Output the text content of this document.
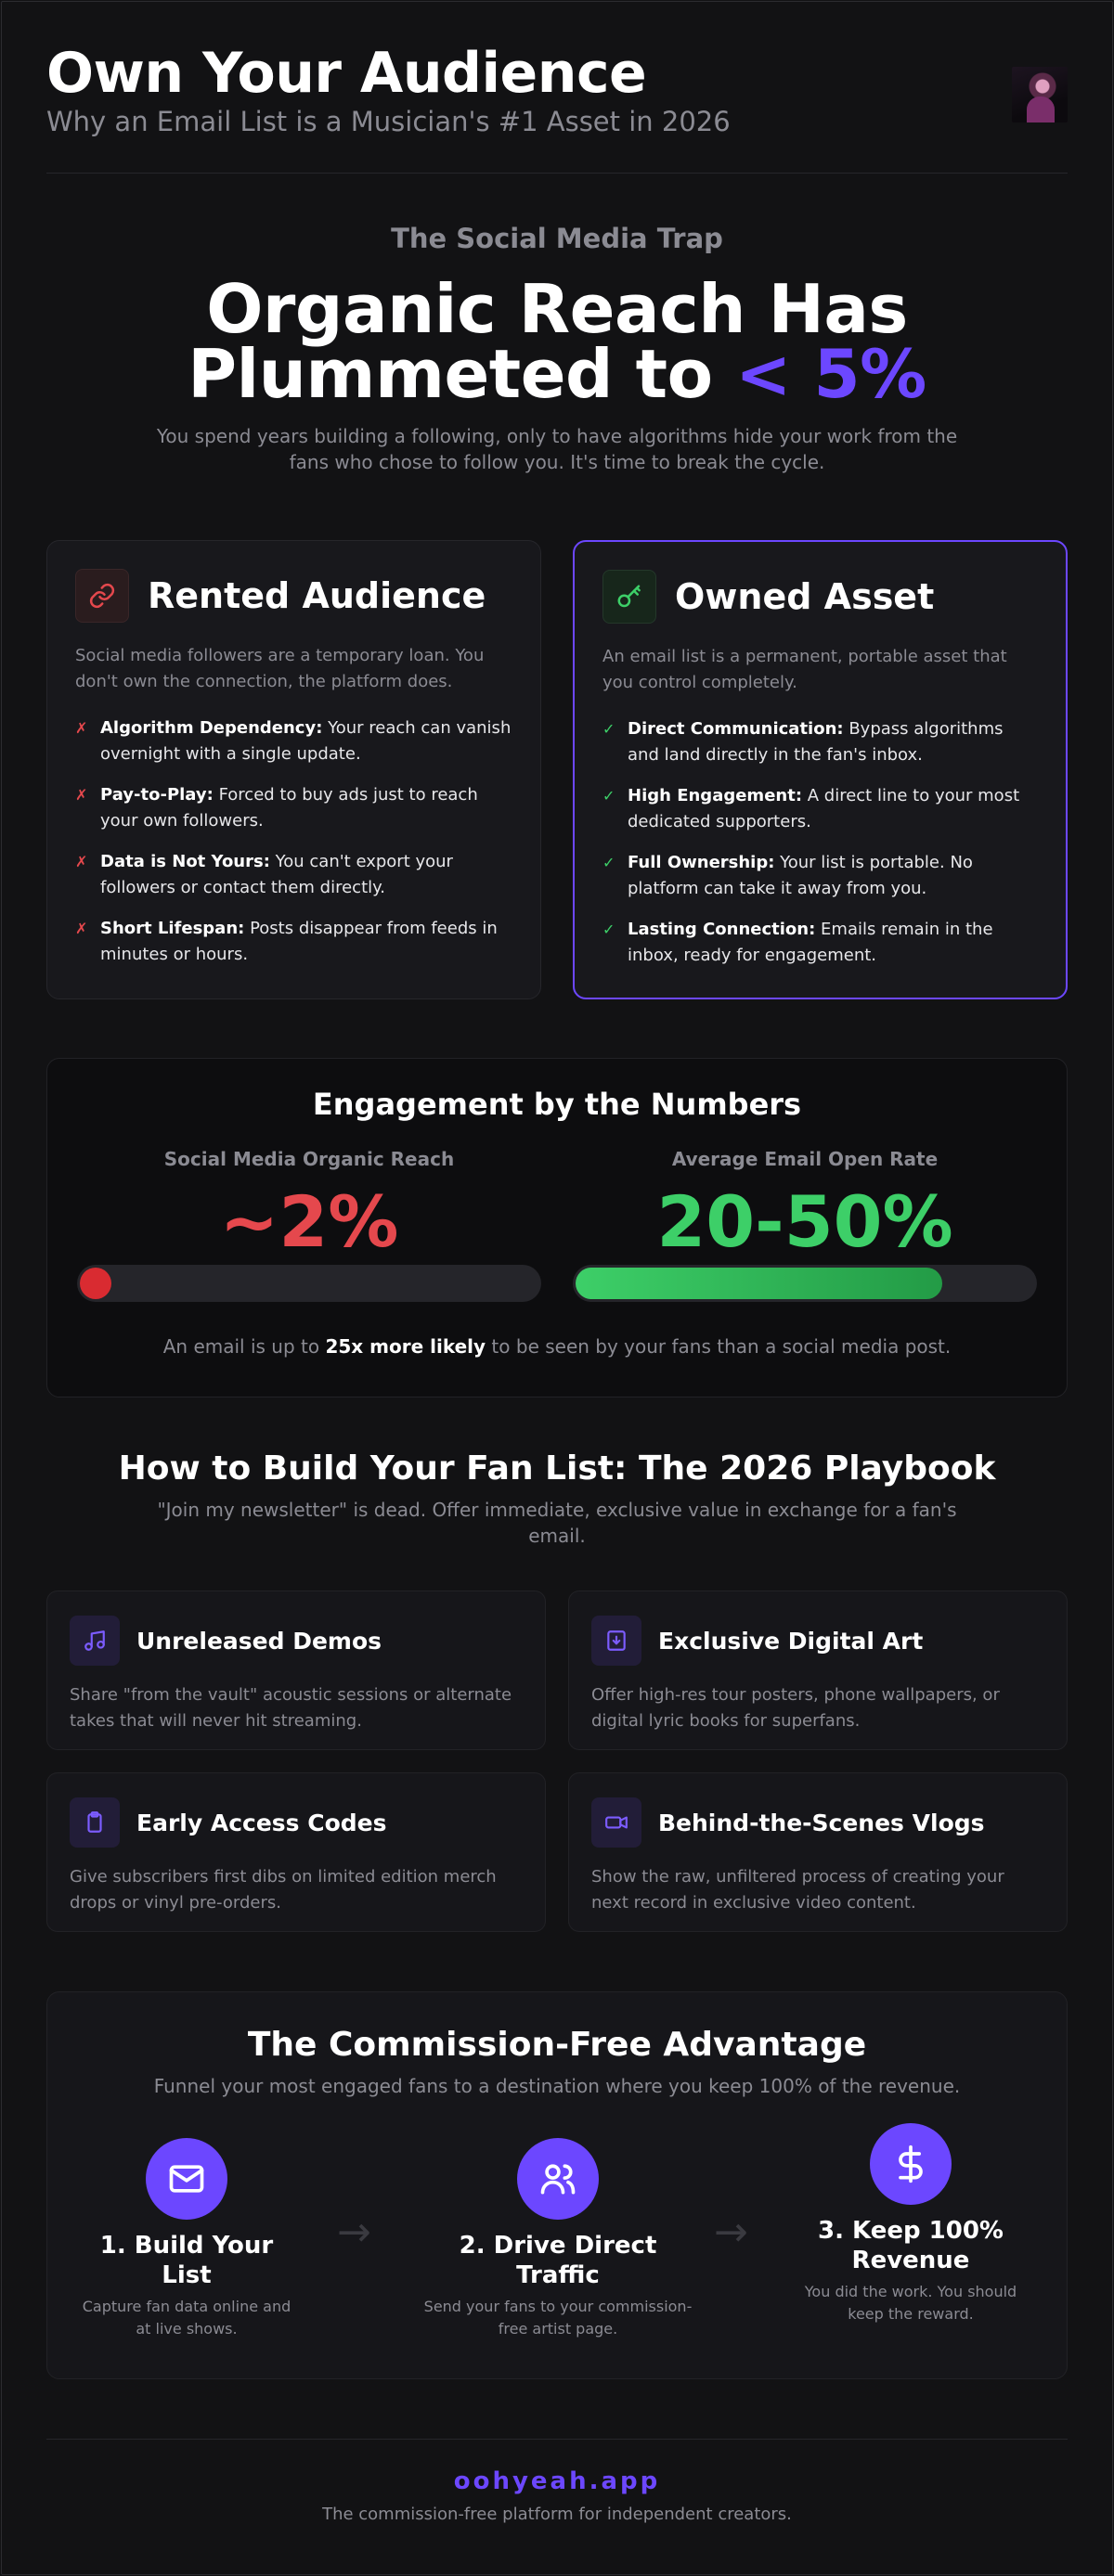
Own Your Audience
Why an Email List is a Musician's #1 Asset in 2026
The Social Media Trap
Organic Reach Has
Plummeted to < 5%

You spend years building a following, only to have algorithms hide your work from the fans who chose to follow you. It's time to break the cycle.

Rented Audience
Social media followers are a temporary loan. You don't own the connection, the platform does.
✗ Algorithm Dependency: Your reach can vanish overnight with a single update.
✗ Pay-to-Play: Forced to buy ads just to reach your own followers.
✗ Data is Not Yours: You can't export your followers or contact them directly.
✗ Short Lifespan: Posts disappear from feeds in minutes or hours.
Owned Asset
An email list is a permanent, portable asset that you control completely.
✓ Direct Communication: Bypass algorithms and land directly in the fan's inbox.
✓ High Engagement: A direct line to your most dedicated supporters.
✓ Full Ownership: Your list is portable. No platform can take it away from you.
✓ Lasting Connection: Emails remain in the inbox, ready for engagement.
Engagement by the Numbers
Social Media Organic Reach
~2%
Average Email Open Rate
20-50%
An email is up to 25x more likely to be seen by your fans than a social media post.
How to Build Your Fan List: The 2026 Playbook

"Join my newsletter" is dead. Offer immediate, exclusive value in exchange for a fan's email.

Unreleased Demos
Share "from the vault" acoustic sessions or alternate takes that will never hit streaming.
Exclusive Digital Art
Offer high-res tour posters, phone wallpapers, or digital lyric books for superfans.
Early Access Codes
Give subscribers first dibs on limited edition merch drops or vinyl pre-orders.
Behind-the-Scenes Vlogs
Show the raw, unfiltered process of creating your next record in exclusive video content.
The Commission-Free Advantage
Funnel your most engaged fans to a destination where you keep 100% of the revenue.
1. Build Your List
Capture fan data online and at live shows.
→	2. Drive Direct Traffic
Send your fans to your commission-free artist page.
→	3. Keep 100% Revenue
You did the work. You should keep the reward.
oohyeah.app
The commission-free platform for independent creators.
